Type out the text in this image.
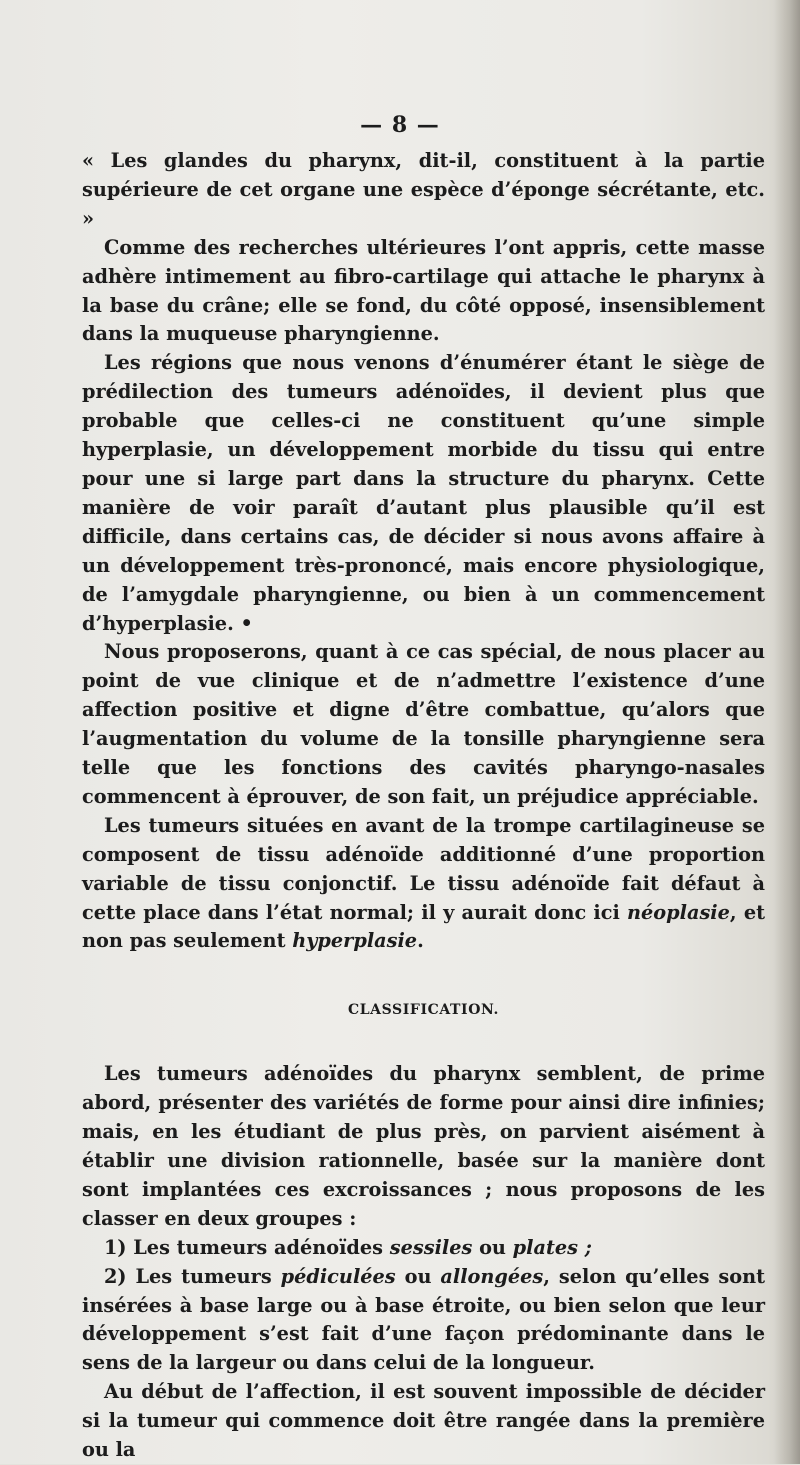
— 8 —

« Les glandes du pharynx, dit-il, constituent à la partie supérieure de cet organe une espèce d’éponge sécrétante, etc. »

Comme des recherches ultérieures l’ont appris, cette masse adhère intimement au fibro-cartilage qui attache le pharynx à la base du crâne; elle se fond, du côté opposé, insensiblement dans la muqueuse pharyngienne.

Les régions que nous venons d’énumérer étant le siège de prédilection des tumeurs adénoïdes, il devient plus que probable que celles-ci ne constituent qu’une simple hyperplasie, un développement morbide du tissu qui entre pour une si large part dans la structure du pharynx. Cette manière de voir paraît d’autant plus plausible qu’il est difficile, dans certains cas, de décider si nous avons affaire à un développement très-prononcé, mais encore physiologique, de l’amygdale pharyngienne, ou bien à un commencement d’hyperplasie. •

Nous proposerons, quant à ce cas spécial, de nous placer au point de vue clinique et de n’admettre l’existence d’une affection positive et digne d’être combattue, qu’alors que l’augmentation du volume de la tonsille pharyngienne sera telle que les fonctions des cavités pharyngo-nasales commencent à éprouver, de son fait, un préjudice appréciable.

Les tumeurs situées en avant de la trompe cartilagineuse se composent de tissu adénoïde additionné d’une proportion variable de tissu conjonctif. Le tissu adénoïde fait défaut à cette place dans l’état normal; il y aurait donc ici néoplasie, et non pas seulement hyperplasie.

CLASSIFICATION.

Les tumeurs adénoïdes du pharynx semblent, de prime abord, présenter des variétés de forme pour ainsi dire infinies; mais, en les étudiant de plus près, on parvient aisément à établir une division rationnelle, basée sur la manière dont sont implantées ces excroissances ; nous proposons de les classer en deux groupes :

1) Les tumeurs adénoïdes sessiles ou plates ;

2) Les tumeurs pédiculées ou allongées, selon qu’elles sont insérées à base large ou à base étroite, ou bien selon que leur développement s’est fait d’une façon prédominante dans le sens de la largeur ou dans celui de la longueur.

Au début de l’affection, il est souvent impossible de décider si la tumeur qui commence doit être rangée dans la première ou la
